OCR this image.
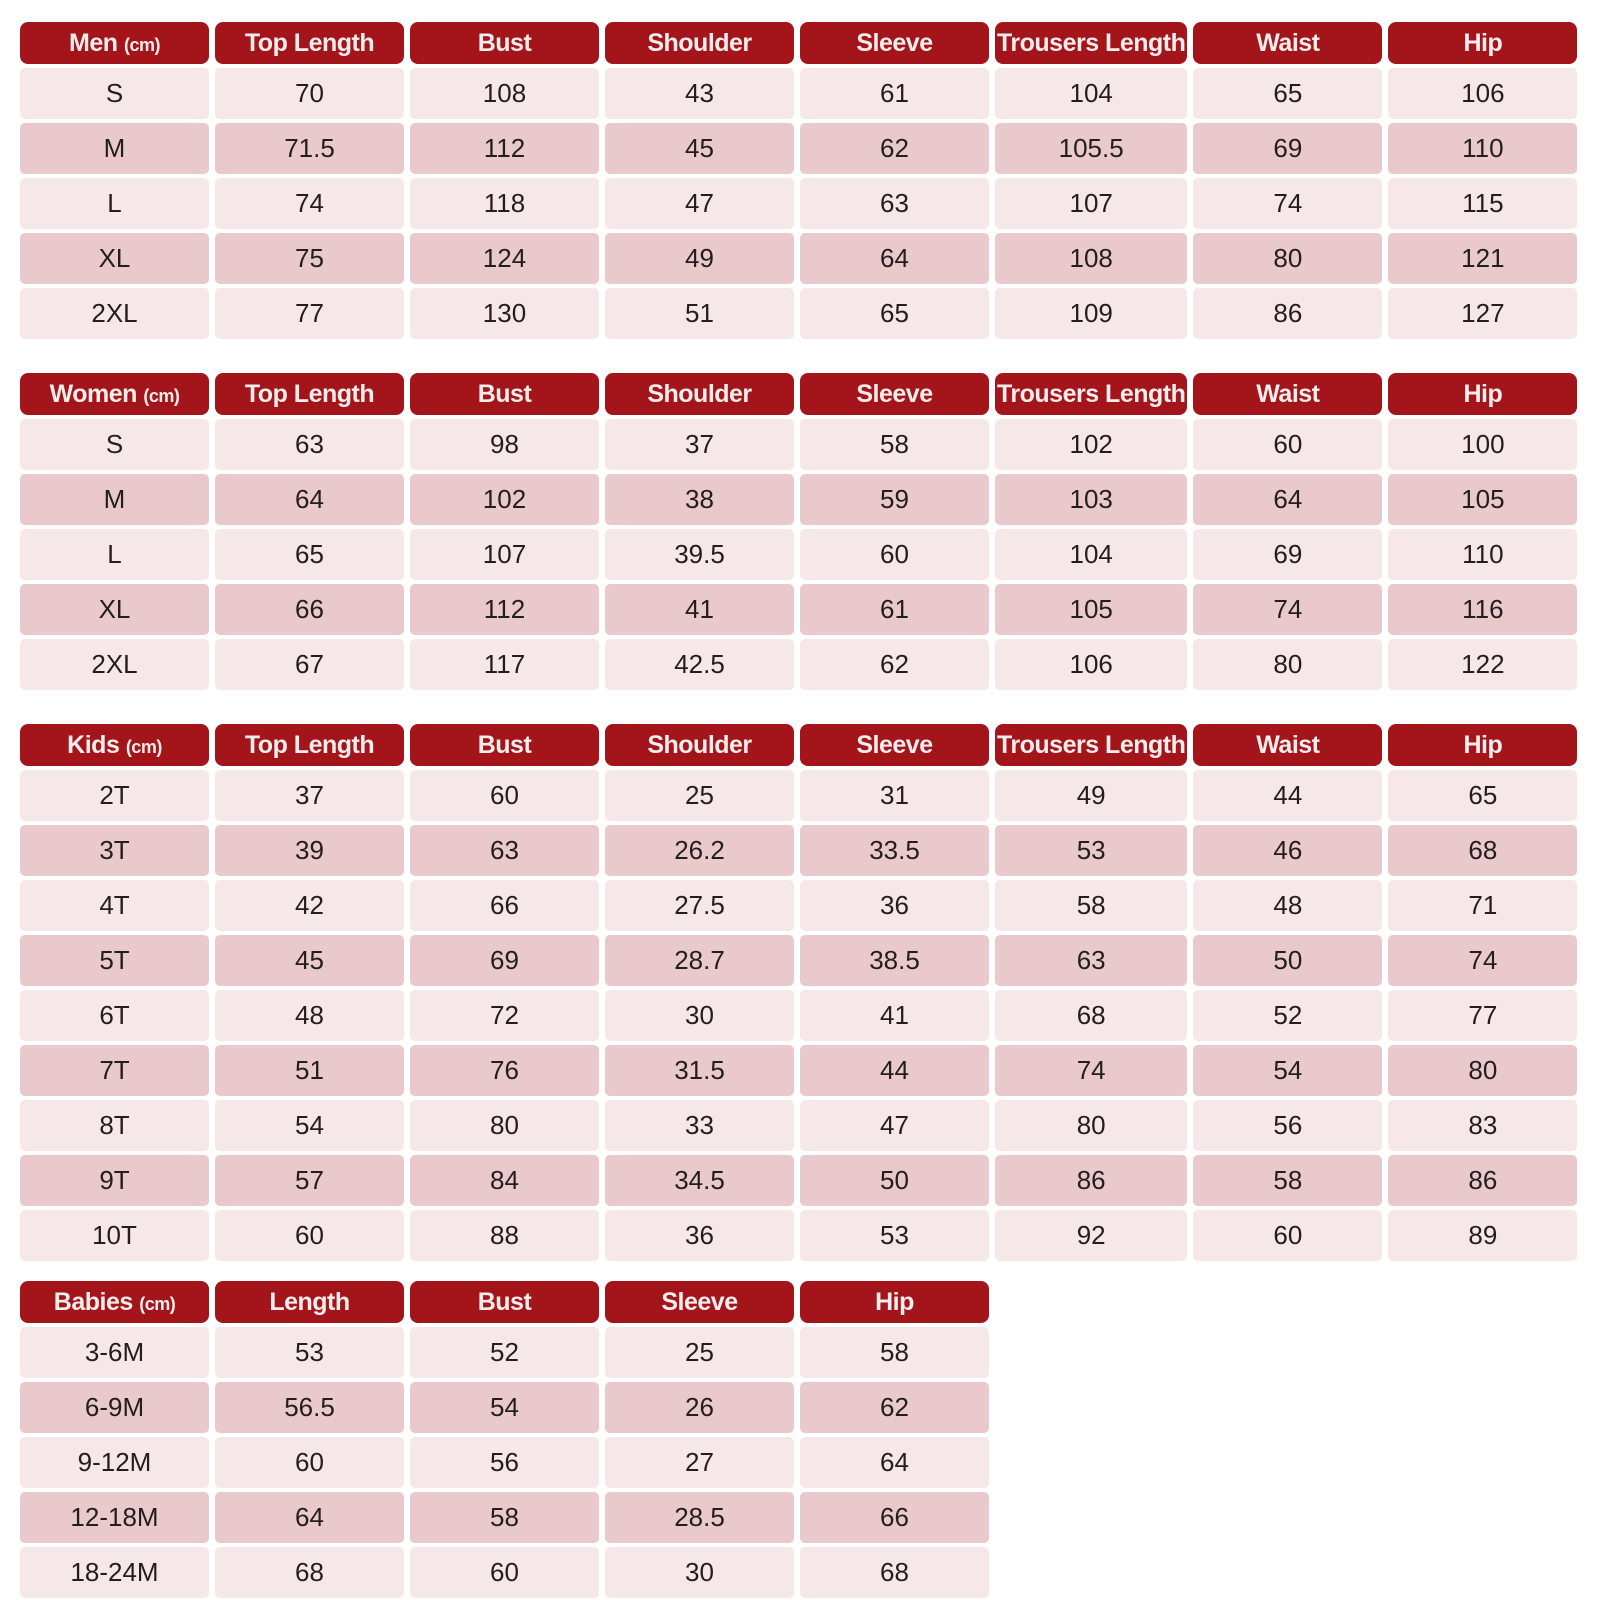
Men (cm)	Top Length	Bust	Shoulder	Sleeve	Trousers Length	Waist	Hip
S	70	108	43	61	104	65	106
M	71.5	112	45	62	105.5	69	110
L	74	118	47	63	107	74	115
XL	75	124	49	64	108	80	121
2XL	77	130	51	65	109	86	127
Women (cm)	Top Length	Bust	Shoulder	Sleeve	Trousers Length	Waist	Hip
S	63	98	37	58	102	60	100
M	64	102	38	59	103	64	105
L	65	107	39.5	60	104	69	110
XL	66	112	41	61	105	74	116
2XL	67	117	42.5	62	106	80	122
Kids (cm)	Top Length	Bust	Shoulder	Sleeve	Trousers Length	Waist	Hip
2T	37	60	25	31	49	44	65
3T	39	63	26.2	33.5	53	46	68
4T	42	66	27.5	36	58	48	71
5T	45	69	28.7	38.5	63	50	74
6T	48	72	30	41	68	52	77
7T	51	76	31.5	44	74	54	80
8T	54	80	33	47	80	56	83
9T	57	84	34.5	50	86	58	86
10T	60	88	36	53	92	60	89
Babies (cm)	Length	Bust	Sleeve	Hip
3-6M	53	52	25	58
6-9M	56.5	54	26	62
9-12M	60	56	27	64
12-18M	64	58	28.5	66
18-24M	68	60	30	68
